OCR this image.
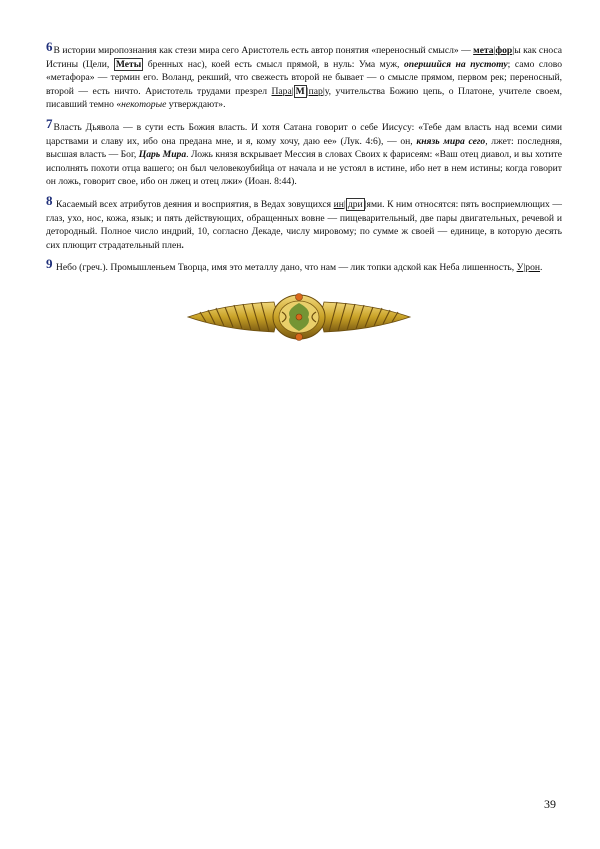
6В истории миропознания как стези мира сего Аристотель есть автор понятия «переносный смысл» — мета|фор|ы как сноса Истины (Цели, Меты бренных нас), коей есть смысл прямой, в нуль: Ума муж, опершийся на пустоту; само слово «метафора» — термин его. Воланд, рекший, что свежесть второй не бывает — о смысле прямом, первом рек; переносный, второй — есть ничто. Аристотель трудами презрел Пара| М |пар|у, учительства Божию цепь, о Платоне, учителе своем, писавший темно «некоторые утверждают».

7Власть Дьявола — в сути есть Божия власть. И хотя Сатана говорит о себе Иисусу: «Тебе дам власть над всеми сими царствами и славу их, ибо она предана мне, и я, кому хочу, даю ее» (Лук. 4:6), — он, князь мира сего, лжет: последняя, высшая власть — Бог, Царь Мира. Ложь князя вскрывает Мессия в словах Своих к фарисеям: «Ваш отец диавол, и вы хотите исполнять похоти отца вашего; он был человекоубийца от начала и не устоял в истине, ибо нет в нем истины; когда говорит он ложь, говорит свое, ибо он лжец и отец лжи» (Иоан. 8:44).

8 Касаемый всех атрибутов деяния и восприятия, в Ведах зовущихся ин| дри |ями. К ним относятся: пять восприемлющих — глаз, ухо, нос, кожа, язык; и пять действующих, обращенных вовне — пищеварительный, две пары двигательных, речевой и детородный. Полное число индрий, 10, согласно Декаде, числу мировому; по сумме ж своей — единице, в которую десять сих плющит страдательный плен.

9 Небо (греч.). Промышленьем Творца, имя это металлу дано, что нам — лик топки адской как Неба лишенность, У|рон.

39
